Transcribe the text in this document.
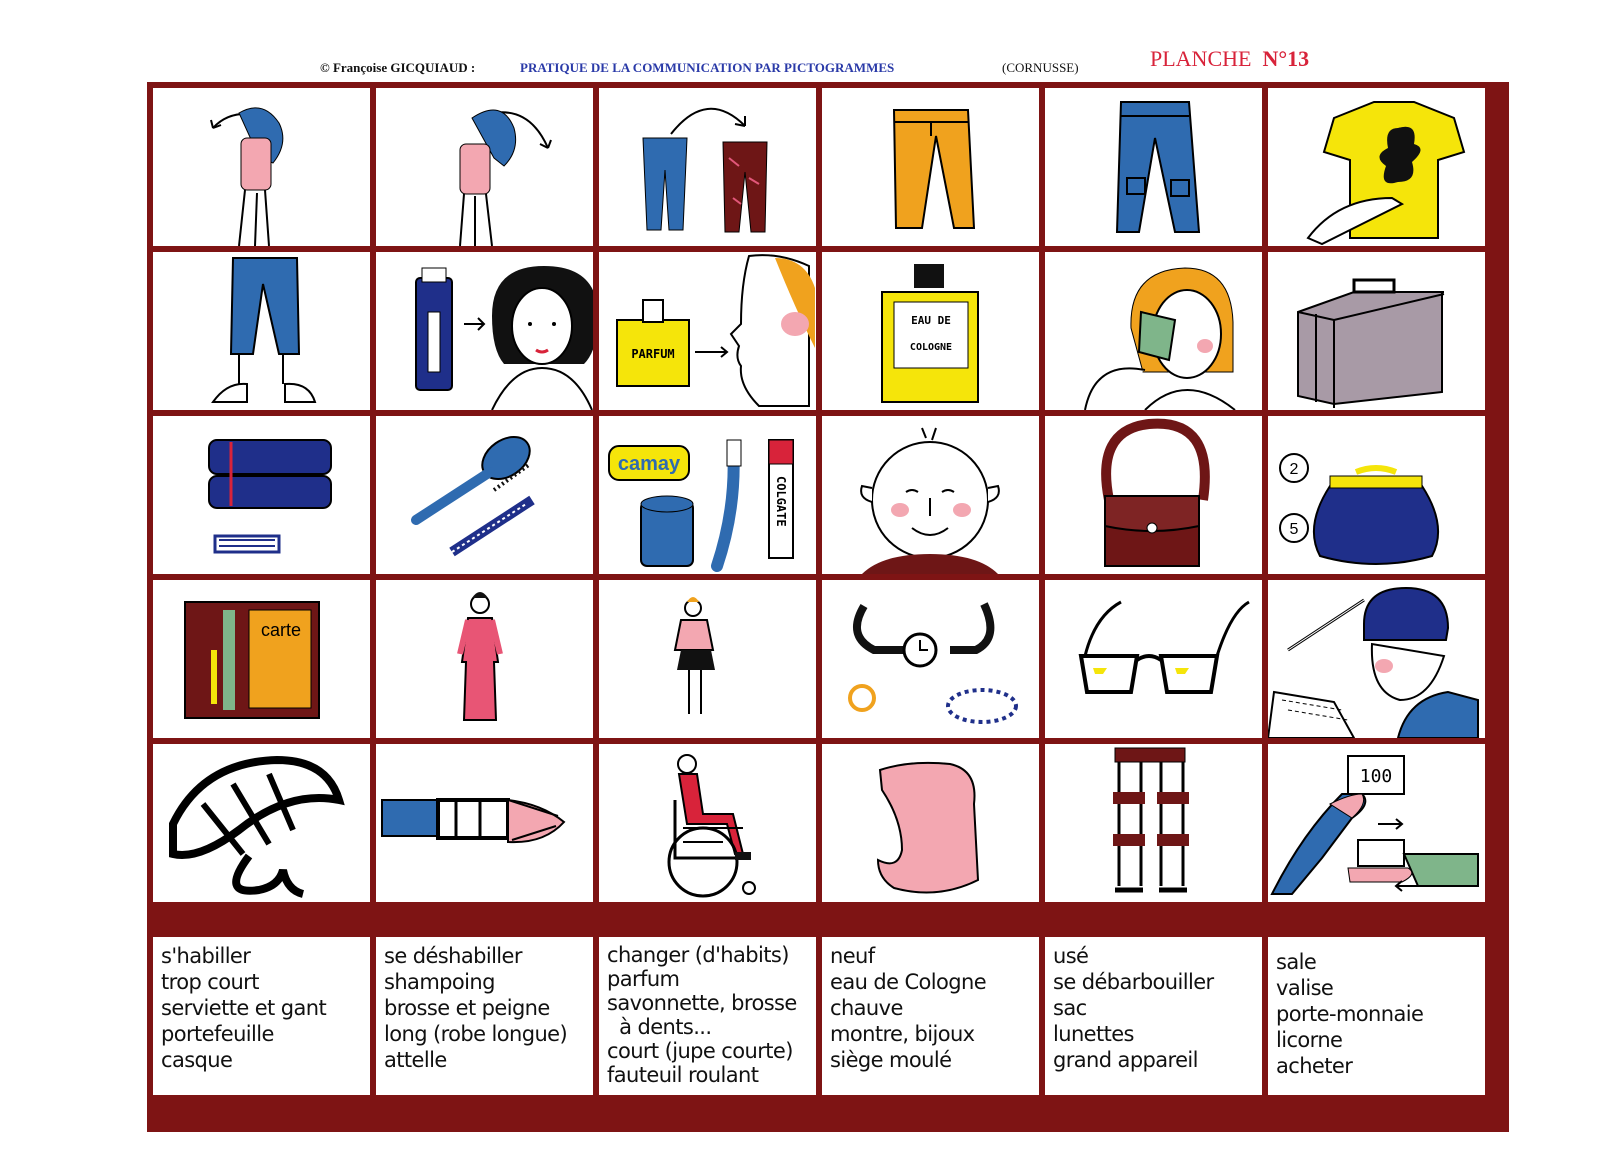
© Françoise GICQUIAUD :	PRATIQUE DE LA COMMUNICATION PAR PICTOGRAMMES	(CORNUSSE)	PLANCHE N°13
PARFUM
EAU DE
COLOGNE
camay
COLGATE
2
5
carte
100
s'habiller
trop court
serviette et gant
portefeuille
casque
se déshabiller
shampoing
brosse et peigne
long (robe longue)
attelle
changer (d'habits)
parfum
savonnette, brosse
à dents...
court (jupe courte)
fauteuil roulant
neuf
eau de Cologne
chauve
montre, bijoux
siège moulé
usé
se débarbouiller
sac
lunettes
grand appareil
sale
valise
porte-monnaie
licorne
acheter
